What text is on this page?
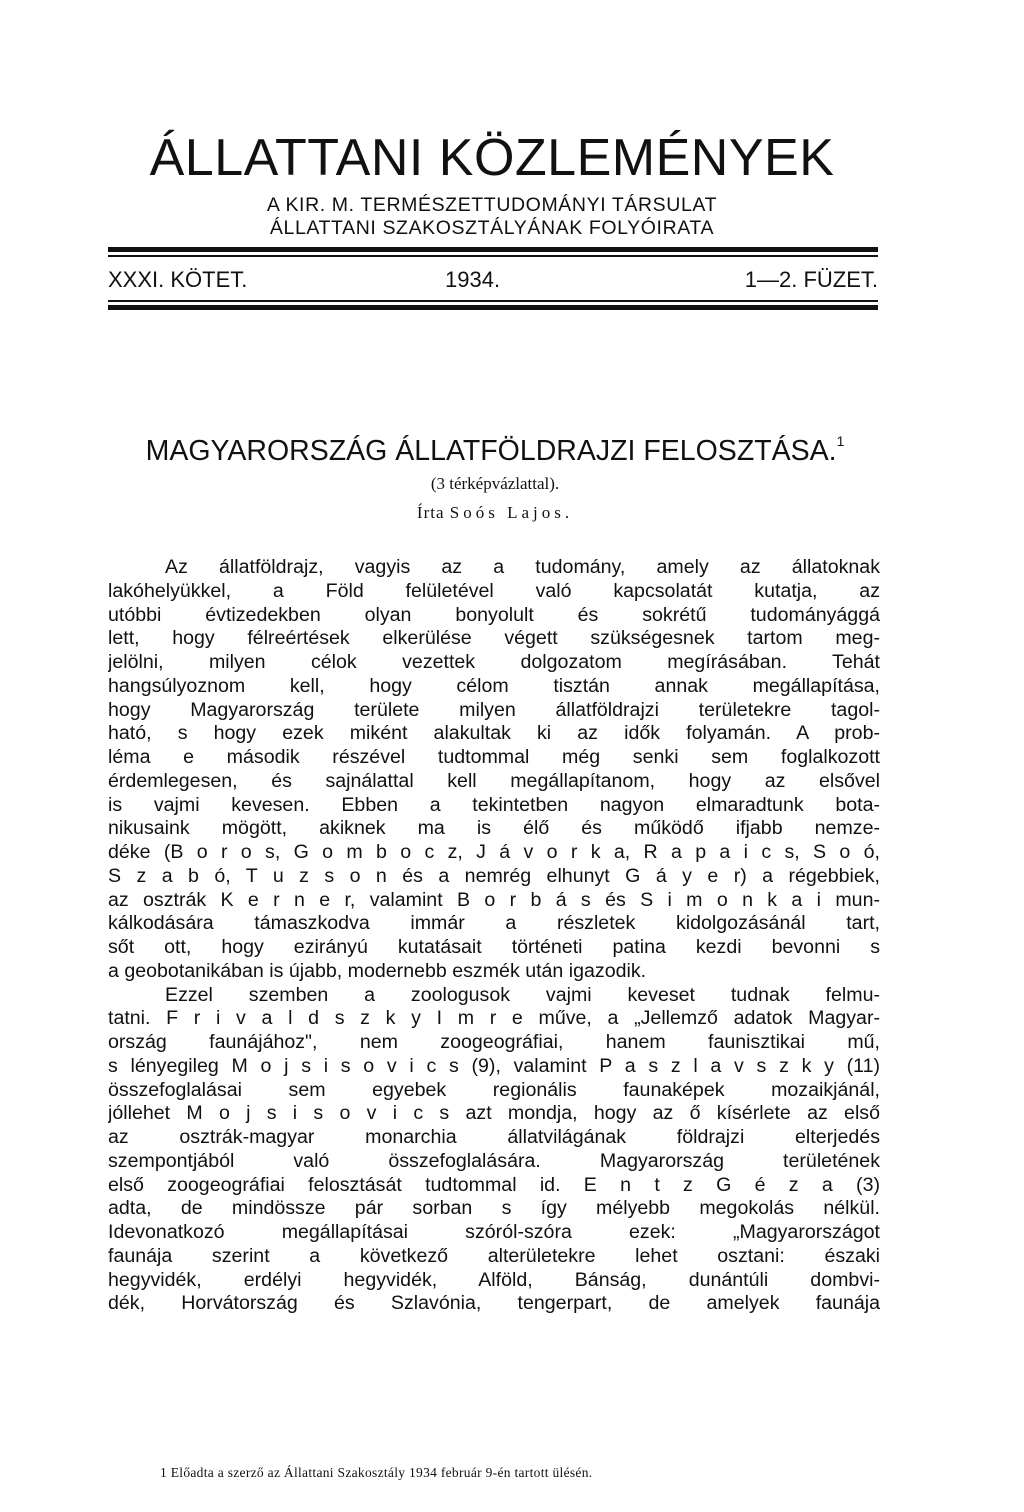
ÁLLATTANI KÖZLEMÉNYEK

A KIR. M. TERMÉSZETTUDOMÁNYI TÁRSULAT

ÁLLATTANI SZAKOSZTÁLYÁNAK FOLYÓIRATA

XXXI. KÖTET.	1934.	1—2. FÜZET.
MAGYARORSZÁG ÁLLATFÖLDRAJZI FELOSZTÁSA.$^1$

(3 térképvázlattal).

Írta Soós Lajos.

Az állatföldrajz, vagyis az a tudomány, amely az állatoknak
lakóhelyükkel, a Föld felületével való kapcsolatát kutatja, az
utóbbi évtizedekben olyan bonyolult és sokrétű tudományággá
lett, hogy félreértések elkerülése végett szükségesnek tartom meg-
jelölni, milyen célok vezettek dolgozatom megírásában. Tehát
hangsúlyoznom kell, hogy célom tisztán annak megállapítása,
hogy Magyarország területe milyen állatföldrajzi területekre tagol-
ható, s hogy ezek miként alakultak ki az idők folyamán. A prob-
léma e második részével tudtommal még senki sem foglalkozott
érdemlegesen, és sajnálattal kell megállapítanom, hogy az elsővel
is vajmi kevesen. Ebben a tekintetben nagyon elmaradtunk bota-
nikusaink mögött, akiknek ma is élő és működő ifjabb nemze-
déke (B o r o s, G o m b o c z, J á v o r k a, R a p a i c s, S o ó,
S z a b ó, T u z s o n és a nemrég elhunyt G á y e r) a régebbiek,
az osztrák K e r n e r, valamint B o r b á s és S i m o n k a i mun-
kálkodására támaszkodva immár a részletek kidolgozásánál tart,
sőt ott, hogy ezirányú kutatásait történeti patina kezdi bevonni s
a geobotanikában is újabb, modernebb eszmék után igazodik.
Ezzel szemben a zoologusok vajmi keveset tudnak felmu-
tatni. F r i v a l d s z k y I m r e műve, a „Jellemző adatok Magyar-
ország faunájához", nem zoogeográfiai, hanem faunisztikai mű,
s lényegileg M o j s i s o v i c s (9), valamint P a s z l a v s z k y (11)
összefoglalásai sem egyebek regionális faunaképek mozaikjánál,
jóllehet M o j s i s o v i c s azt mondja, hogy az ő kísérlete az első
az osztrák-magyar monarchia állatvilágának földrajzi elterjedés
szempontjából való összefoglalására. Magyarország területének
első zoogeográfiai felosztását tudtommal id. E n t z G é z a (3)
adta, de mindössze pár sorban s így mélyebb megokolás nélkül.
Idevonatkozó megállapításai szóról-szóra ezek: „Magyarországot
faunája szerint a következő alterületekre lehet osztani: északi
hegyvidék, erdélyi hegyvidék, Alföld, Bánság, dunántúli dombvi-
dék, Horvátország és Szlavónia, tengerpart, de amelyek faunája

1 Előadta a szerző az Állattani Szakosztály 1934 február 9-én tartott ülésén.
